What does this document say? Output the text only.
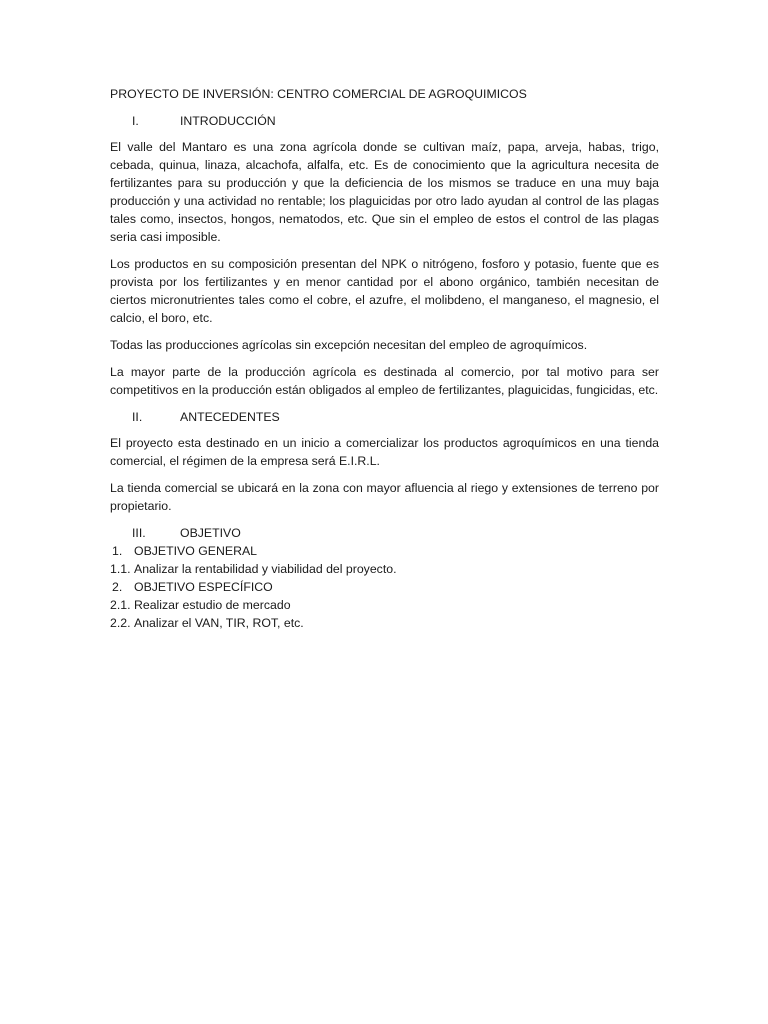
PROYECTO DE INVERSIÓN: CENTRO COMERCIAL DE AGROQUIMICOS
I.	INTRODUCCIÓN

El valle del Mantaro es una zona agrícola donde se cultivan maíz, papa, arveja, habas, trigo, cebada, quinua, linaza, alcachofa, alfalfa, etc. Es de conocimiento que la agricultura necesita de fertilizantes para su producción y que la deficiencia de los mismos se traduce en una muy baja producción y una actividad no rentable; los plaguicidas por otro lado ayudan al control de las plagas tales como, insectos, hongos, nematodos, etc. Que sin el empleo de estos el control de las plagas seria casi imposible.

Los productos en su composición presentan del NPK o nitrógeno, fosforo y potasio, fuente que es provista por los fertilizantes y en menor cantidad por el abono orgánico, también necesitan de ciertos micronutrientes tales como el cobre, el azufre, el molibdeno, el manganeso, el magnesio, el calcio, el boro, etc.

Todas las producciones agrícolas sin excepción necesitan del empleo de agroquímicos.

La mayor parte de la producción agrícola es destinada al comercio, por tal motivo para ser competitivos en la producción están obligados al empleo de fertilizantes, plaguicidas, fungicidas, etc.

II.	ANTECEDENTES

El proyecto esta destinado en un inicio a comercializar los productos agroquímicos en una tienda comercial, el régimen de la empresa será E.I.R.L.

La tienda comercial se ubicará en la zona con mayor afluencia al riego y extensiones de terreno por propietario.

III.	OBJETIVO
1. OBJETIVO GENERAL
1.1. Analizar la rentabilidad y viabilidad del proyecto.
2. OBJETIVO ESPECÍFICO
2.1. Realizar estudio de mercado
2.2. Analizar el VAN, TIR, ROT, etc.
